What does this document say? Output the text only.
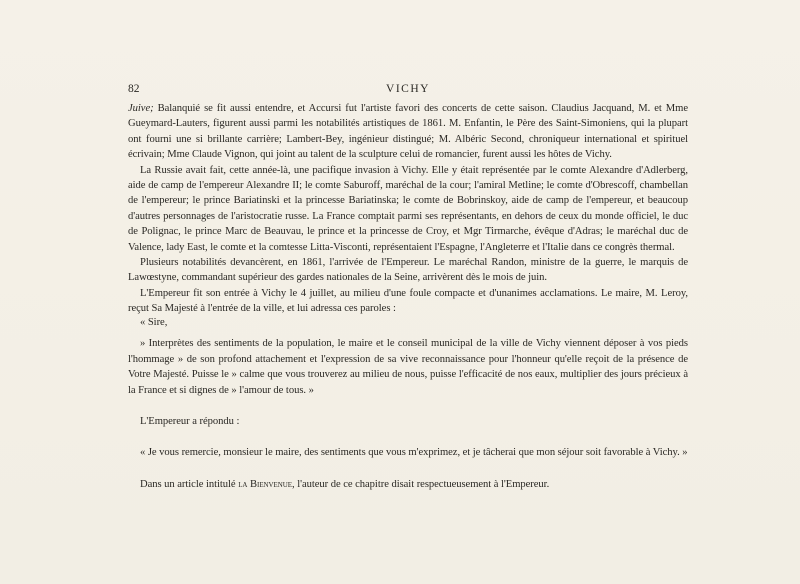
82	VICHY

Juive; Balanquié se fit aussi entendre, et Accursi fut l'artiste favori des concerts de cette saison. Claudius Jacquand, M. et Mme Gueymard-Lauters, figurent aussi parmi les notabilités artistiques de 1861. M. Enfantin, le Père des Saint-Simoniens, qui la plupart ont fourni une si brillante carrière; Lambert-Bey, ingénieur distingué; M. Albéric Second, chroniqueur international et spirituel écrivain; Mme Claude Vignon, qui joint au talent de la sculpture celui de romancier, furent aussi les hôtes de Vichy.

La Russie avait fait, cette année-là, une pacifique invasion à Vichy. Elle y était représentée par le comte Alexandre d'Adlerberg, aide de camp de l'empereur Alexandre II; le comte Saburoff, maréchal de la cour; l'amiral Metline; le comte d'Obrescoff, chambellan de l'empereur; le prince Bariatinski et la princesse Bariatinska; le comte de Bobrinskoy, aide de camp de l'empereur, et beaucoup d'autres personnages de l'aristocratie russe. La France comptait parmi ses représentants, en dehors de ceux du monde officiel, le duc de Polignac, le prince Marc de Beauvau, le prince et la princesse de Croy, et Mgr Tirmarche, évêque d'Adras; le maréchal duc de Valence, lady East, le comte et la comtesse Litta-Visconti, représentaient l'Espagne, l'Angleterre et l'Italie dans ce congrès thermal.

Plusieurs notabilités devancèrent, en 1861, l'arrivée de l'Empereur. Le maréchal Randon, ministre de la guerre, le marquis de Lawœstyne, commandant supérieur des gardes nationales de la Seine, arrivèrent dès le mois de juin.

L'Empereur fit son entrée à Vichy le 4 juillet, au milieu d'une foule compacte et d'unanimes acclamations. Le maire, M. Leroy, reçut Sa Majesté à l'entrée de la ville, et lui adressa ces paroles :

« Sire,

» Interprètes des sentiments de la population, le maire et le conseil municipal de la ville de Vichy viennent déposer à vos pieds l'hommage » de son profond attachement et l'expression de sa vive reconnaissance pour l'honneur qu'elle reçoit de la présence de Votre Majesté. Puisse le » calme que vous trouverez au milieu de nous, puisse l'efficacité de nos eaux, multiplier des jours précieux à la France et si dignes de » l'amour de tous. »

L'Empereur a répondu :

« Je vous remercie, monsieur le maire, des sentiments que vous m'exprimez, et je tâcherai que mon séjour soit favorable à Vichy. »

Dans un article intitulé la Bienvenue, l'auteur de ce chapitre disait respectueusement à l'Empereur.
